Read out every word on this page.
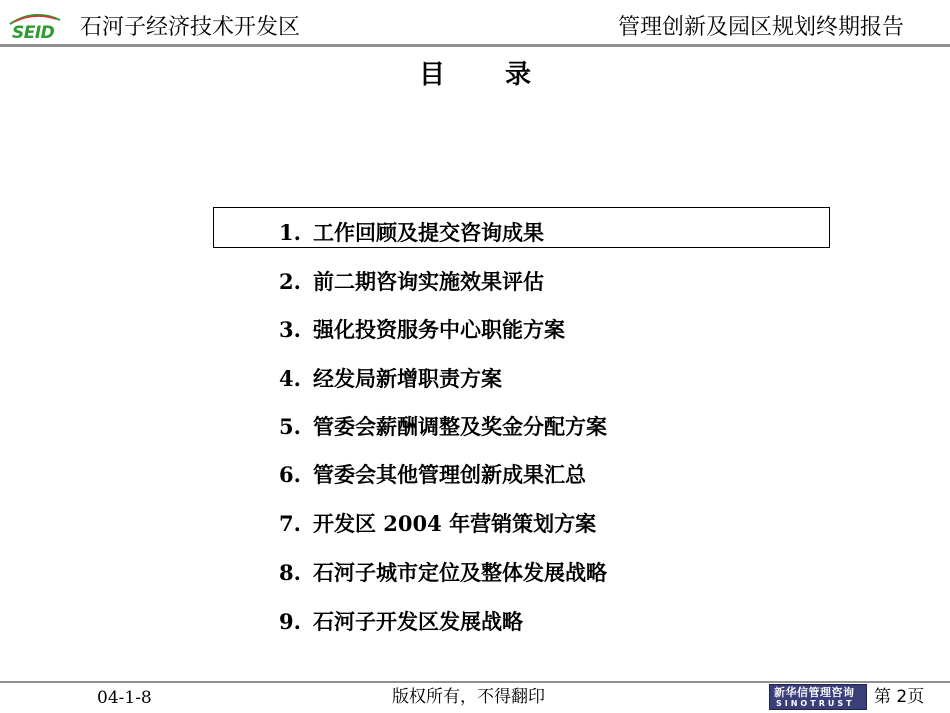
SEID 石河子经济技术开发区	管理创新及园区规划终期报告
目录
1. 工作回顾及提交咨询成果
2. 前二期咨询实施效果评估
3. 强化投资服务中心职能方案
4. 经发局新增职责方案
5. 管委会薪酬调整及奖金分配方案
6. 管委会其他管理创新成果汇总
7. 开发区 2004 年营销策划方案
8. 石河子城市定位及整体发展战略
9. 石河子开发区发展战略
04-1-8	版权所有，不得翻印	新华信管理咨询
SINOTRUST 第 2页
